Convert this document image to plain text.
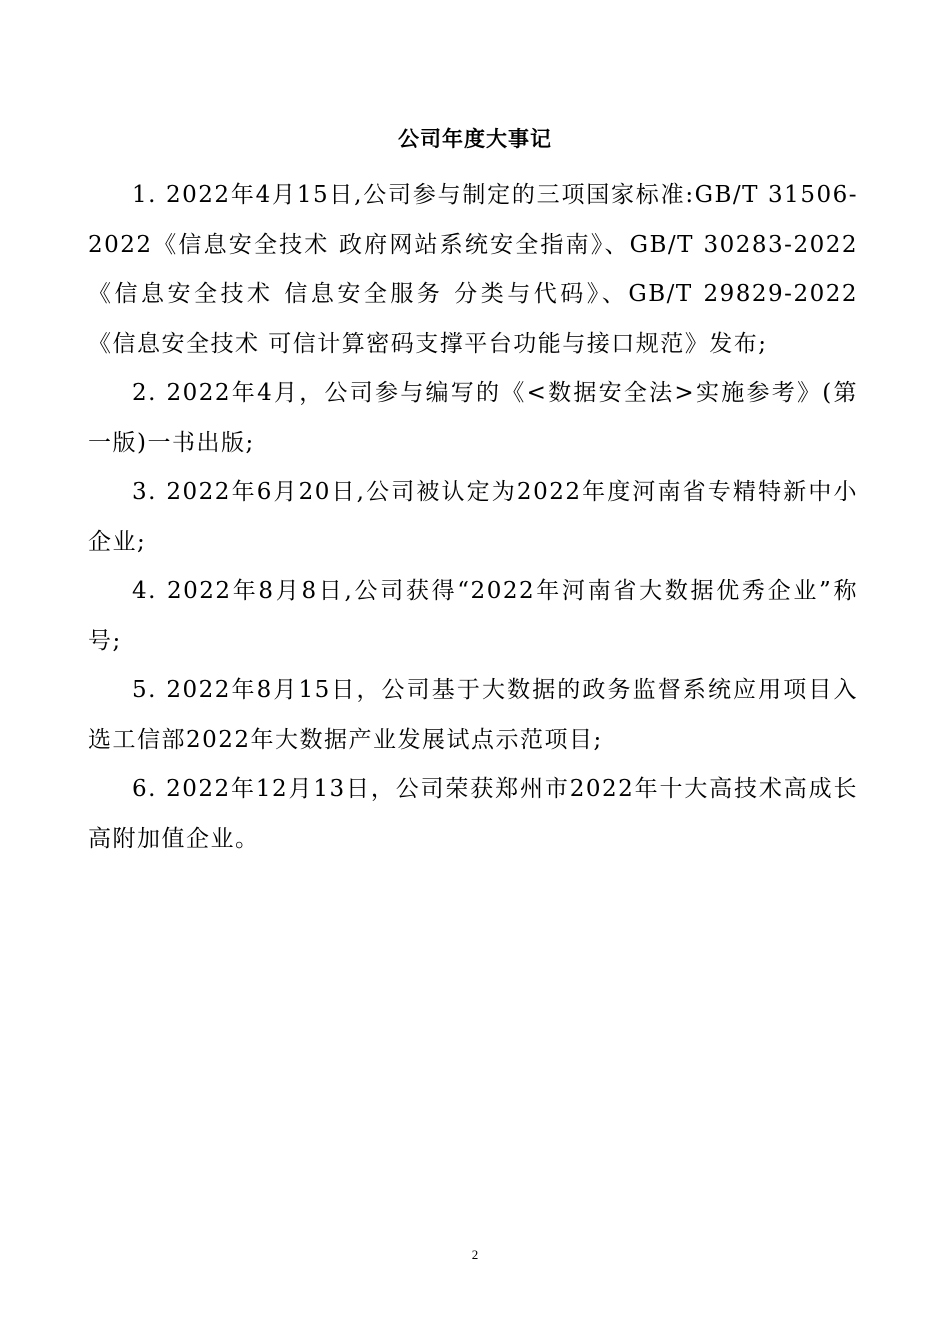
公司年度大事记

1. 2022年4月15日,公司参与制定的三项国家标准:GB/T 31506-2022《信息安全技术 政府网站系统安全指南》、GB/T 30283-2022《信息安全技术 信息安全服务 分类与代码》、GB/T 29829-2022《信息安全技术 可信计算密码支撑平台功能与接口规范》发布;

2. 2022年4月，公司参与编写的《<数据安全法>实施参考》(第一版)一书出版;

3. 2022年6月20日,公司被认定为2022年度河南省专精特新中小企业;

4. 2022年8月8日,公司获得“2022年河南省大数据优秀企业”称号;

5. 2022年8月15日，公司基于大数据的政务监督系统应用项目入选工信部2022年大数据产业发展试点示范项目;

6. 2022年12月13日，公司荣获郑州市2022年十大高技术高成长高附加值企业。

2
